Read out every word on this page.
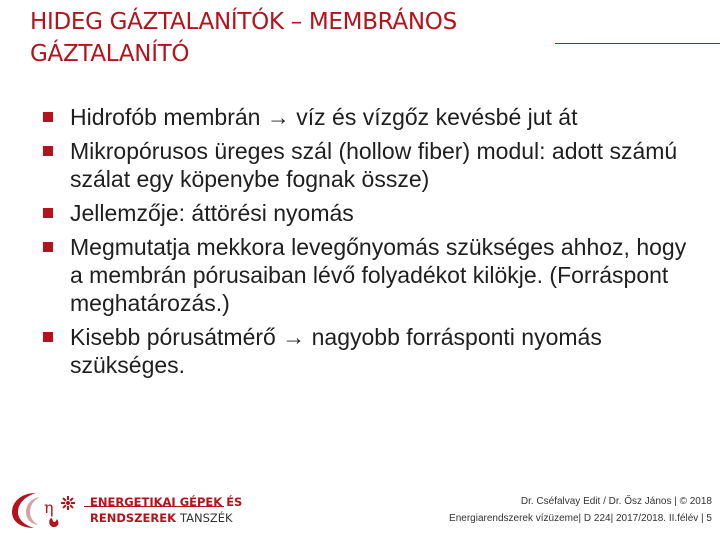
HIDEG GÁZTALANÍTÓK – MEMBRÁNOS GÁZTALANÍTÓ
Hidrofób membrán → víz és vízgőz kevésbé jut át
Mikropórusos üreges szál (hollow fiber) modul: adott számú szálat egy köpenybe fognak össze)
Jellemzője: áttörési nyomás
Megmutatja mekkora levegőnyomás szükséges ahhoz, hogy a membrán pórusaiban lévő folyadékot kilökje. (Forráspont meghatározás.)
Kisebb pórusátmérő → nagyobb forrásponti nyomás szükséges.
η	ENERGETIKAI GÉPEK ÉS
RENDSZEREK TANSZÉK
Dr. Cséfalvay Edit / Dr. Ősz János | © 2018
Energiarendszerek vízüzeme| D 224| 2017/2018. II.félév | 5
